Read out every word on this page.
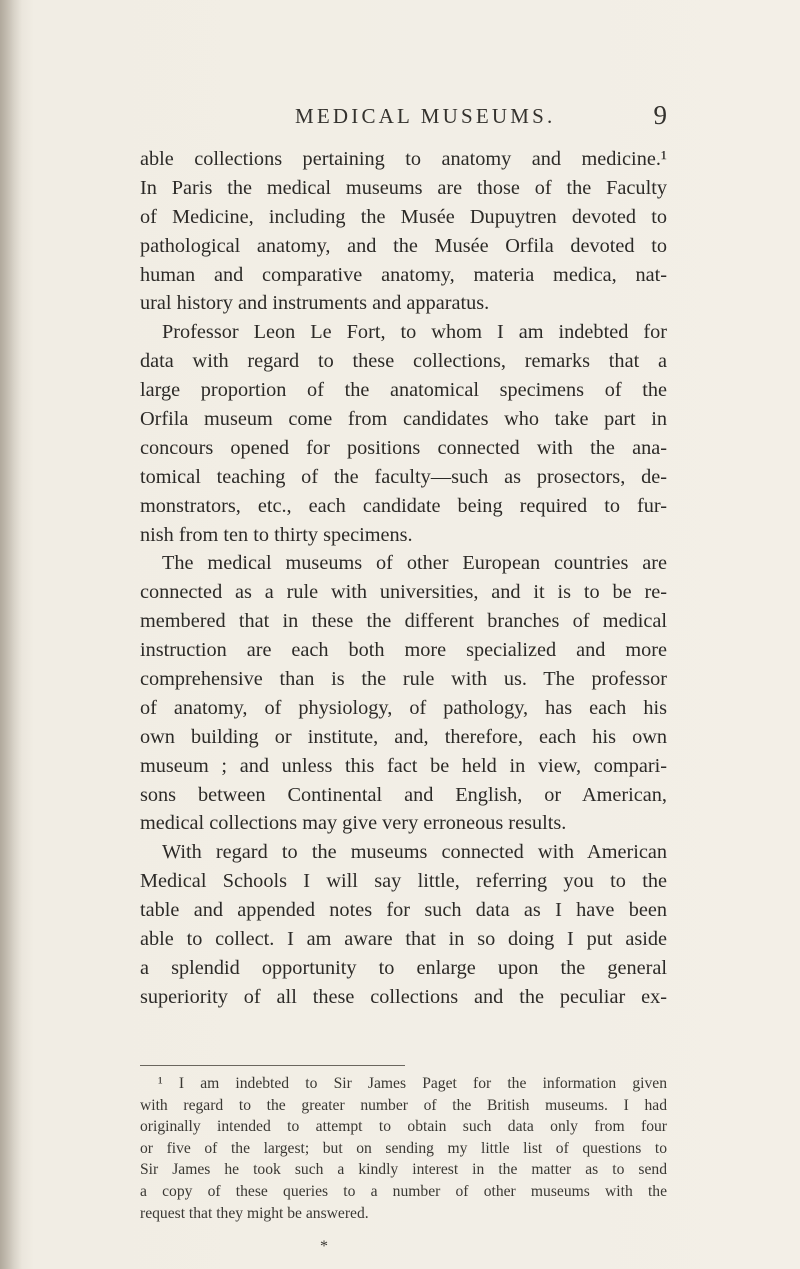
MEDICAL MUSEUMS.	9
able collections pertaining to anatomy and medicine.¹
In Paris the medical museums are those of the Faculty
of Medicine, including the Musée Dupuytren devoted to
pathological anatomy, and the Musée Orfila devoted to
human and comparative anatomy, materia medica, nat-
ural history and instruments and apparatus.
Professor Leon Le Fort, to whom I am indebted for
data with regard to these collections, remarks that a
large proportion of the anatomical specimens of the
Orfila museum come from candidates who take part in
concours opened for positions connected with the ana-
tomical teaching of the faculty—such as prosectors, de-
monstrators, etc., each candidate being required to fur-
nish from ten to thirty specimens.
The medical museums of other European countries are
connected as a rule with universities, and it is to be re-
membered that in these the different branches of medical
instruction are each both more specialized and more
comprehensive than is the rule with us. The professor
of anatomy, of physiology, of pathology, has each his
own building or institute, and, therefore, each his own
museum ; and unless this fact be held in view, compari-
sons between Continental and English, or American,
medical collections may give very erroneous results.
With regard to the museums connected with American
Medical Schools I will say little, referring you to the
table and appended notes for such data as I have been
able to collect. I am aware that in so doing I put aside
a splendid opportunity to enlarge upon the general
superiority of all these collections and the peculiar ex-
¹ I am indebted to Sir James Paget for the information given
with regard to the greater number of the British museums. I had
originally intended to attempt to obtain such data only from four
or five of the largest; but on sending my little list of questions to
Sir James he took such a kindly interest in the matter as to send
a copy of these queries to a number of other museums with the
request that they might be answered.
*
